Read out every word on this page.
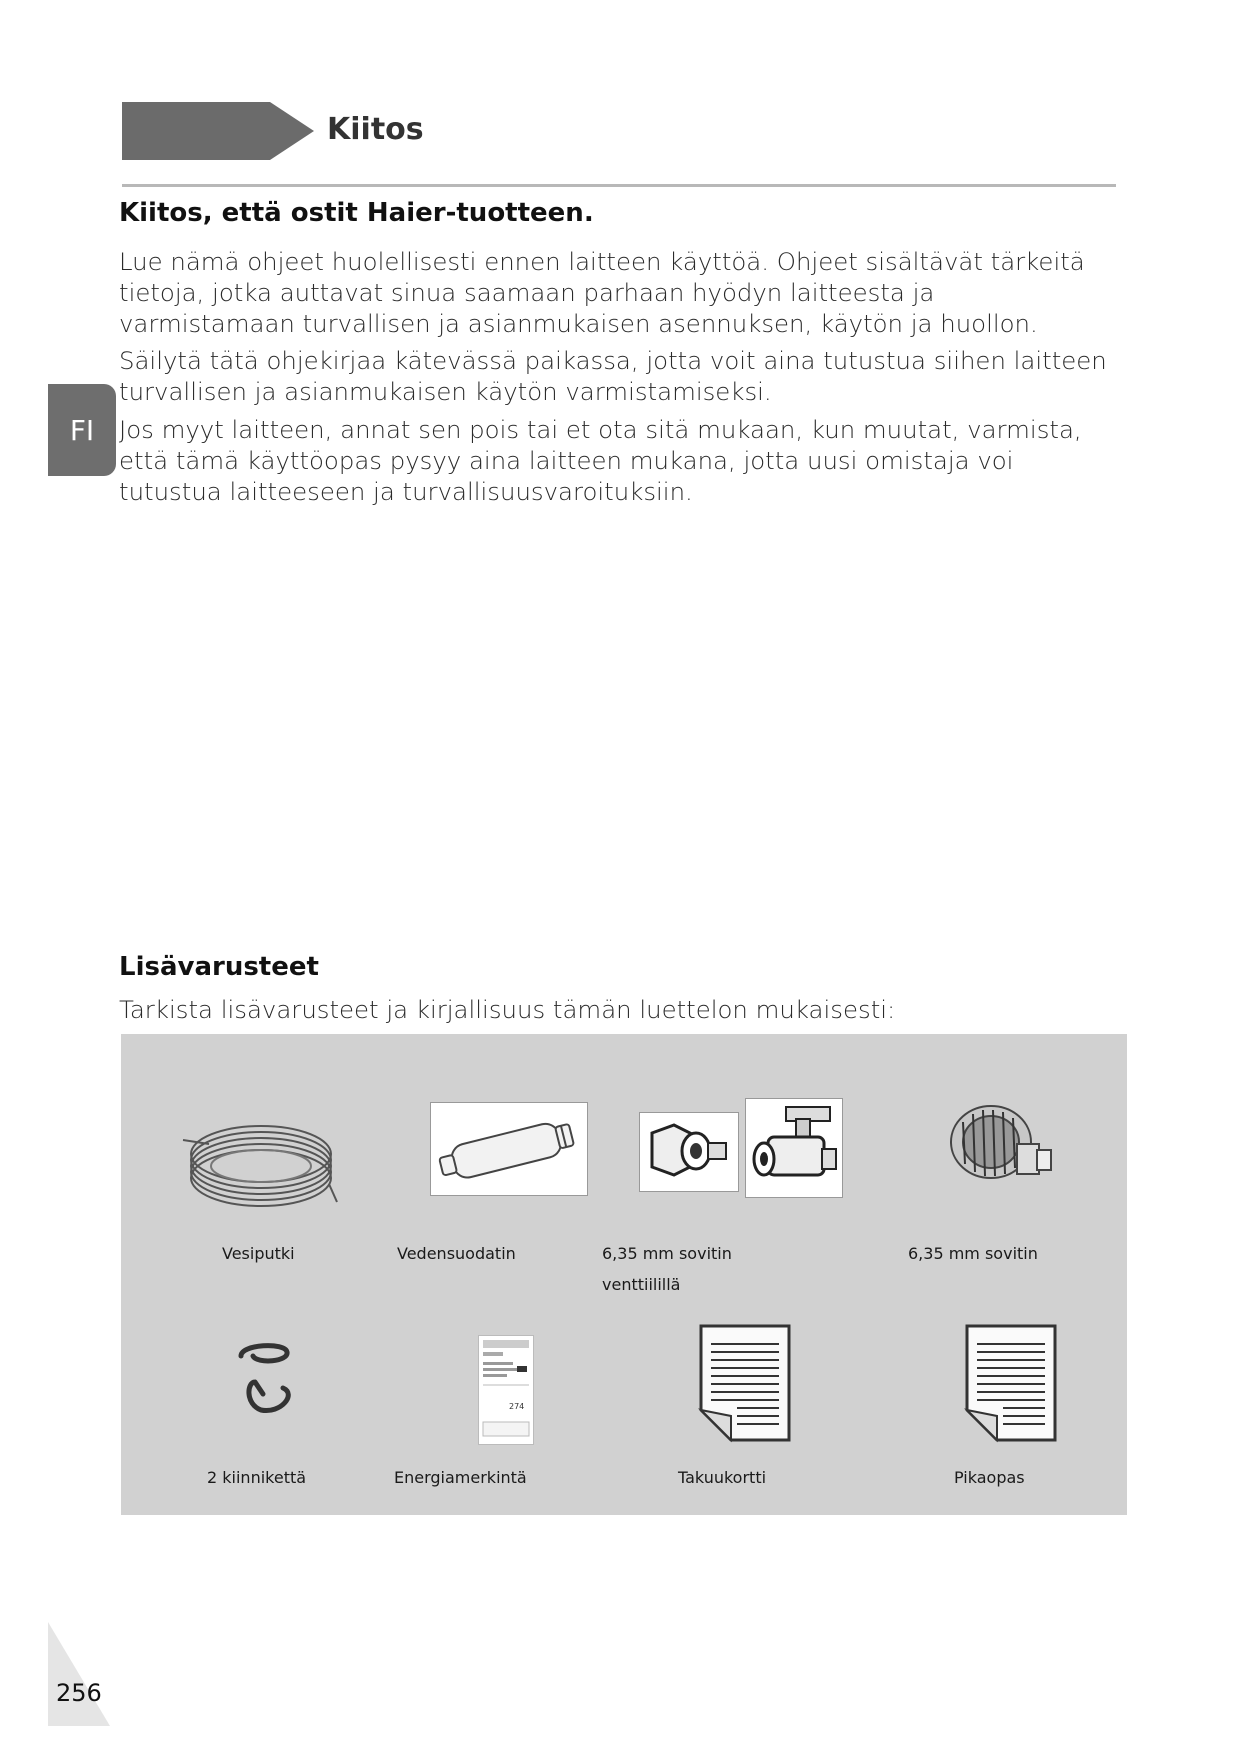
Kiitos
Kiitos, että ostit Haier-tuotteen.

Lue nämä ohjeet huolellisesti ennen laitteen käyttöä. Ohjeet sisältävät tärkeitä tietoja, jotka auttavat sinua saamaan parhaan hyödyn laitteesta ja varmistamaan turvallisen ja asianmukaisen asennuksen, käytön ja huollon.

Säilytä tätä ohjekirjaa kätevässä paikassa, jotta voit aina tutustua siihen laitteen turvallisen ja asianmukaisen käytön varmistamiseksi.

Jos myyt laitteen, annat sen pois tai et ota sitä mukaan, kun muutat, varmista, että tämä käyttöopas pysyy aina laitteen mukana, jotta uusi omistaja voi tutustua laitteeseen ja turvallisuusvaroituksiin.

FI
Lisävarusteet

Tarkista lisävarusteet ja kirjallisuus tämän luettelon mukaisesti:

Vesiputki	Vedensuodatin	6,35 mm sovitin
venttiilillä
6,35 mm sovitin
274
2 kiinnikettä	Energiamerkintä	Takuukortti	Pikaopas
256
